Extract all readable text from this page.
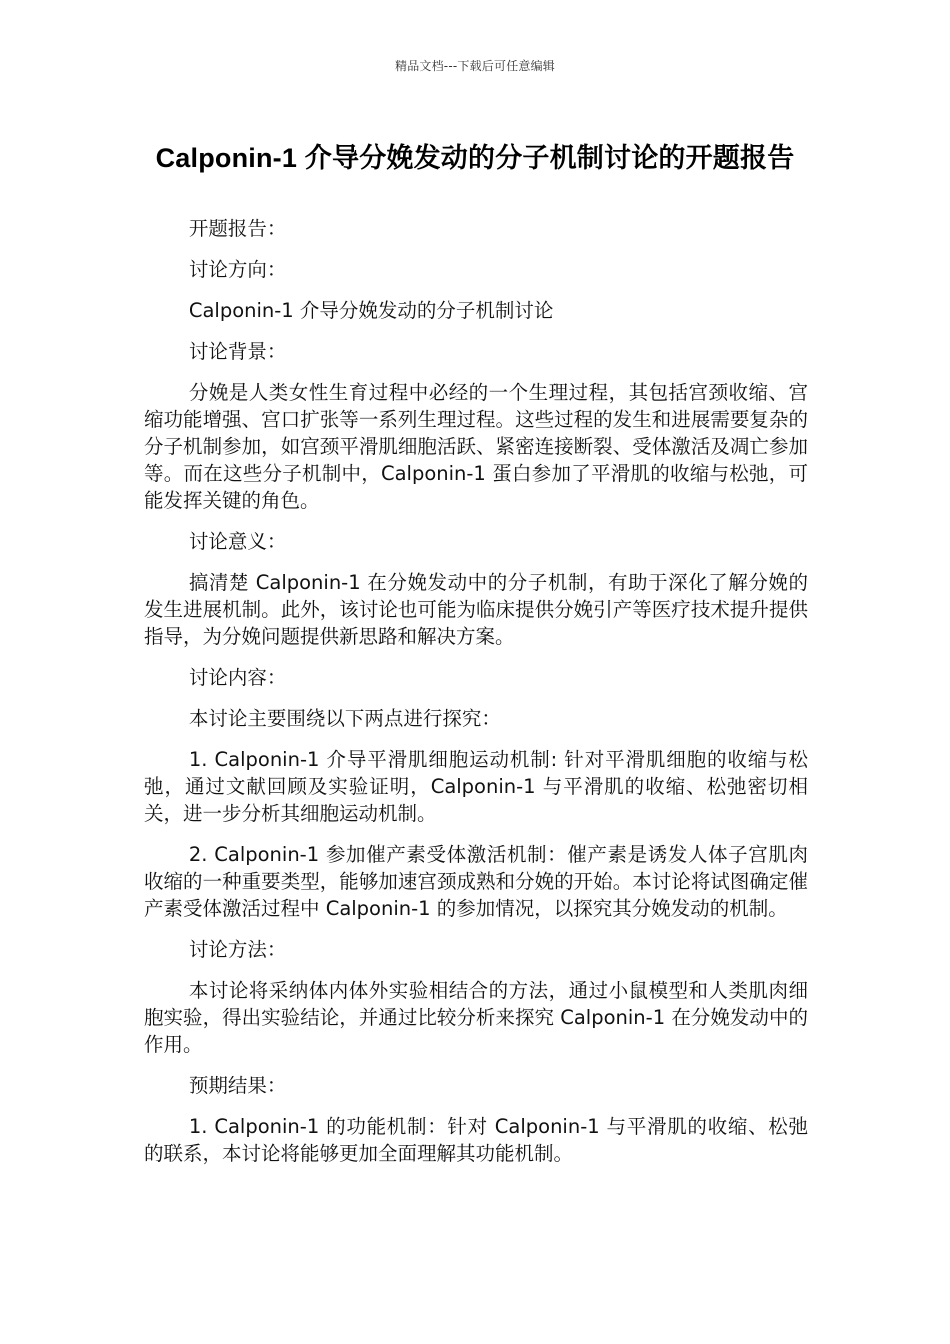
精品文档---下载后可任意编辑
Calponin-1 介导分娩发动的分子机制讨论的开题报告

开题报告：

讨论方向：

Calponin-1 介导分娩发动的分子机制讨论

讨论背景：

分娩是人类女性生育过程中必经的一个生理过程，其包括宫颈收缩、宫缩功能增强、宫口扩张等一系列生理过程。这些过程的发生和进展需要复杂的分子机制参加，如宫颈平滑肌细胞活跃、紧密连接断裂、受体激活及凋亡参加等。而在这些分子机制中，Calponin-1 蛋白参加了平滑肌的收缩与松弛，可能发挥关键的角色。

讨论意义：

搞清楚 Calponin-1 在分娩发动中的分子机制，有助于深化了解分娩的发生进展机制。此外，该讨论也可能为临床提供分娩引产等医疗技术提升提供指导，为分娩问题提供新思路和解决方案。

讨论内容：

本讨论主要围绕以下两点进行探究：

1. Calponin-1 介导平滑肌细胞运动机制: 针对平滑肌细胞的收缩与松弛，通过文献回顾及实验证明，Calponin-1 与平滑肌的收缩、松弛密切相关，进一步分析其细胞运动机制。

2. Calponin-1 参加催产素受体激活机制：催产素是诱发人体子宫肌肉收缩的一种重要类型，能够加速宫颈成熟和分娩的开始。本讨论将试图确定催产素受体激活过程中 Calponin-1 的参加情况，以探究其分娩发动的机制。

讨论方法：

本讨论将采纳体内体外实验相结合的方法，通过小鼠模型和人类肌肉细胞实验，得出实验结论，并通过比较分析来探究 Calponin-1 在分娩发动中的作用。

预期结果：

1. Calponin-1 的功能机制：针对 Calponin-1 与平滑肌的收缩、松弛的联系，本讨论将能够更加全面理解其功能机制。
